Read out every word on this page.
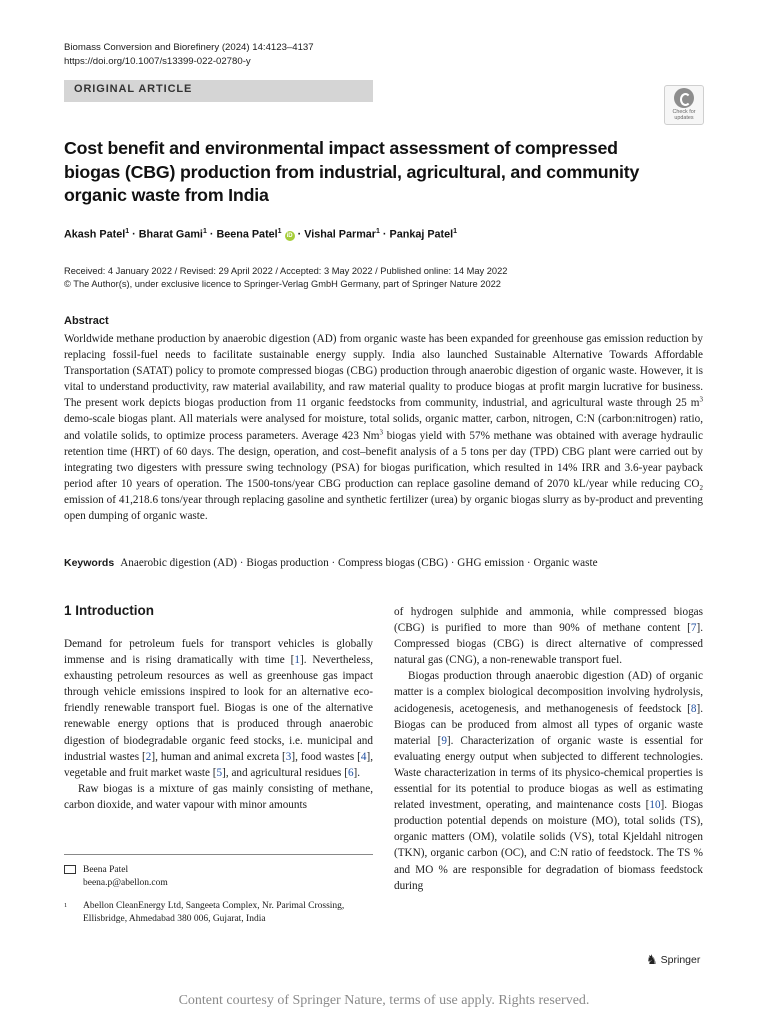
Biomass Conversion and Biorefinery (2024) 14:4123–4137
https://doi.org/10.1007/s13399-022-02780-y
ORIGINAL ARTICLE
Check for updates
Cost benefit and environmental impact assessment of compressed biogas (CBG) production from industrial, agricultural, and community organic waste from India
Akash Patel$^1$ · Bharat Gami$^1$ · Beena Patel$^1$ iD · Vishal Parmar$^1$ · Pankaj Patel$^1$
Received: 4 January 2022 / Revised: 29 April 2022 / Accepted: 3 May 2022 / Published online: 14 May 2022
© The Author(s), under exclusive licence to Springer-Verlag GmbH Germany, part of Springer Nature 2022
Abstract
Worldwide methane production by anaerobic digestion (AD) from organic waste has been expanded for greenhouse gas emission reduction by replacing fossil-fuel needs to facilitate sustainable energy supply. India also launched Sustainable Alternative Towards Affordable Transportation (SATAT) policy to promote compressed biogas (CBG) production through anaerobic digestion of organic waste. However, it is vital to understand productivity, raw material availability, and raw material quality to produce biogas at profit margin lucrative for business. The present work depicts biogas production from 11 organic feedstocks from community, industrial, and agricultural waste through 25 $m^3$ demo-scale biogas plant. All materials were analysed for moisture, total solids, organic matter, carbon, nitrogen, C:N (carbon:nitrogen) ratio, and volatile solids, to optimize process parameters. Average 423 Nm$^3$ biogas yield with 57% methane was obtained with average hydraulic retention time (HRT) of 60 days. The design, operation, and cost–benefit analysis of a 5 tons per day (TPD) CBG plant were carried out by integrating two digesters with pressure swing technology (PSA) for biogas purification, which resulted in 14% IRR and 3.6-year payback period after 10 years of operation. The 1500-tons/year CBG production can replace gasoline demand of 2070 kL/year while reducing $CO_2$ emission of 41,218.6 tons/year through replacing gasoline and synthetic fertilizer (urea) by organic biogas slurry as by-product and preventing open dumping of organic waste.
Keywords Anaerobic digestion (AD) · Biogas production · Compress biogas (CBG) · GHG emission · Organic waste
1 Introduction
Demand for petroleum fuels for transport vehicles is globally immense and is rising dramatically with time [1]. Nevertheless, exhausting petroleum resources as well as greenhouse gas impact through vehicle emissions inspired to look for an alternative eco-friendly renewable transport fuel. Biogas is one of the alternative renewable energy options that is produced through anaerobic digestion of biodegradable organic feed stocks, i.e. municipal and industrial wastes [2], human and animal excreta [3], food wastes [4], vegetable and fruit market waste [5], and agricultural residues [6].
Raw biogas is a mixture of gas mainly consisting of methane, carbon dioxide, and water vapour with minor amounts
of hydrogen sulphide and ammonia, while compressed biogas (CBG) is purified to more than 90% of methane content [7]. Compressed biogas (CBG) is direct alternative of compressed natural gas (CNG), a non-renewable transport fuel.
Biogas production through anaerobic digestion (AD) of organic matter is a complex biological decomposition involving hydrolysis, acidogenesis, acetogenesis, and methanogenesis of feedstock [8]. Biogas can be produced from almost all types of organic waste material [9]. Characterization of organic waste is essential for evaluating energy output when subjected to different technologies. Waste characterization in terms of its physico-chemical properties is essential for its potential to produce biogas as well as estimating related investment, operating, and maintenance costs [10]. Biogas production potential depends on moisture (MO), total solids (TS), organic matters (OM), volatile solids (VS), total Kjeldahl nitrogen (TKN), organic carbon (OC), and C:N ratio of feedstock. The TS % and MO % are responsible for degradation of biomass feedstock during
Beena Patel
beena.p@abellon.com
1 Abellon CleanEnergy Ltd, Sangeeta Complex, Nr. Parimal Crossing, Ellisbridge, Ahmedabad 380 006, Gujarat, India
♞ Springer
Content courtesy of Springer Nature, terms of use apply. Rights reserved.
